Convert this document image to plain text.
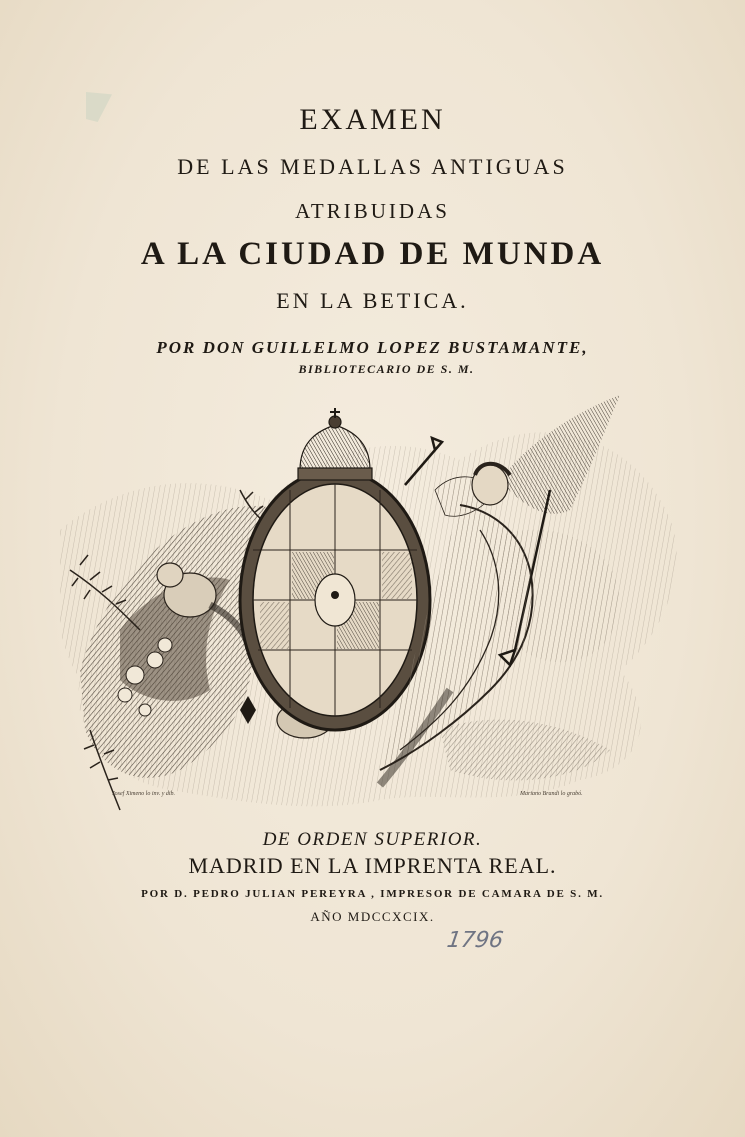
EXAMEN
DE LAS MEDALLAS ANTIGUAS
ATRIBUIDAS
A LA CIUDAD DE MUNDA
EN LA BETICA.
POR DON GUILLELMO LOPEZ BUSTAMANTE,
BIBLIOTECARIO DE S. M.
Josef Ximeno lo inv. y dib.	Mariano Brandi lo grabó.
DE ORDEN SUPERIOR.
MADRID EN LA IMPRENTA REAL.
POR D. PEDRO JULIAN PEREYRA , IMPRESOR DE CAMARA DE S. M.
AÑO MDCCXCIX.
1796
